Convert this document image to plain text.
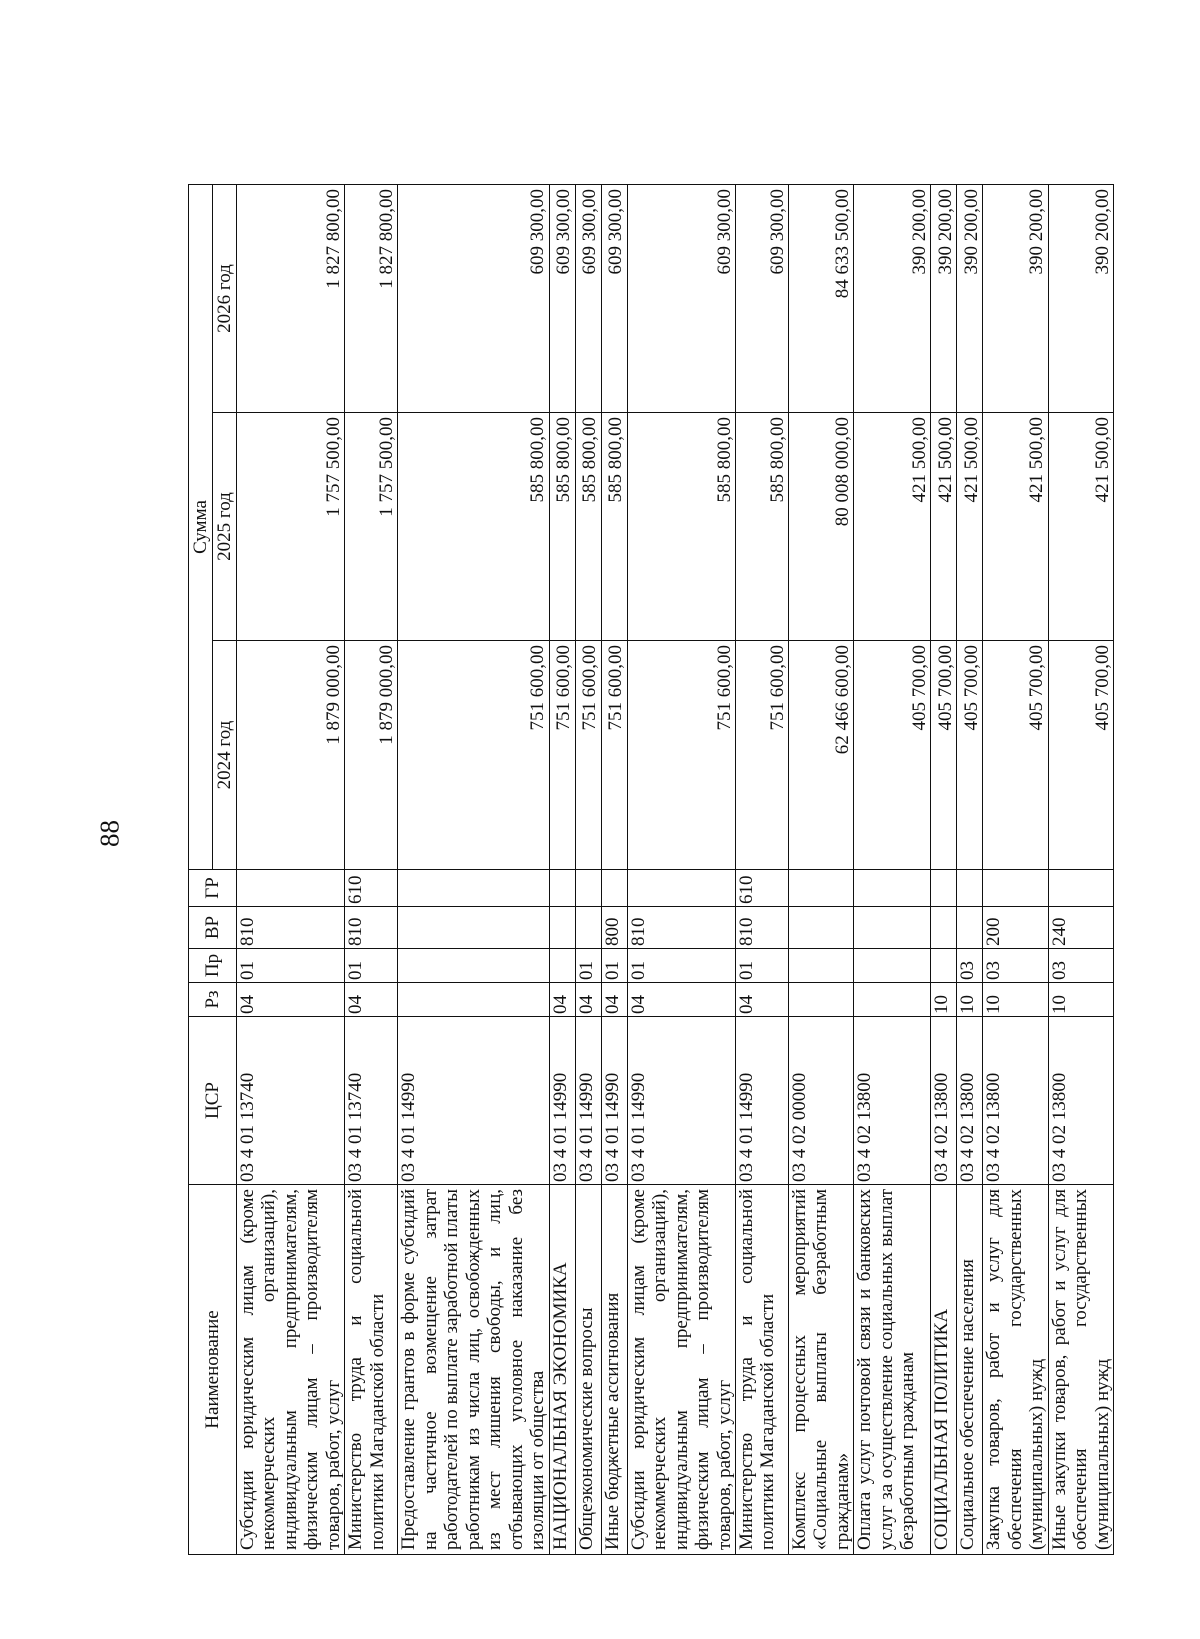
88
Наименование	ЦСР	Рз	Пр	ВР	ГР	Сумма		
						2024 год	2025 год	2026 год
Субсидии юридическим лицам (кроме некоммерческих организаций), индивидуальным предпринимателям, физическим лицам – производителям товаров, работ, услуг	03 4 01 13740	04	01	810		1 879 000,00	1 757 500,00	1 827 800,00
Министерство труда и социальной политики Магаданской области	03 4 01 13740	04	01	810	610	1 879 000,00	1 757 500,00	1 827 800,00
Предоставление грантов в форме субсидий на частичное возмещение затрат работодателей по выплате заработной платы работникам из числа лиц, освобожденных из мест лишения свободы, и лиц, отбывающих уголовное наказание без изоляции от общества	03 4 01 14990					751 600,00	585 800,00	609 300,00
НАЦИОНАЛЬНАЯ ЭКОНОМИКА	03 4 01 14990	04				751 600,00	585 800,00	609 300,00
Общеэкономические вопросы	03 4 01 14990	04	01			751 600,00	585 800,00	609 300,00
Иные бюджетные ассигнования	03 4 01 14990	04	01	800		751 600,00	585 800,00	609 300,00
Субсидии юридическим лицам (кроме некоммерческих организаций), индивидуальным предпринимателям, физическим лицам – производителям товаров, работ, услуг	03 4 01 14990	04	01	810		751 600,00	585 800,00	609 300,00
Министерство труда и социальной политики Магаданской области	03 4 01 14990	04	01	810	610	751 600,00	585 800,00	609 300,00
Комплекс процессных мероприятий «Социальные выплаты безработным гражданам»	03 4 02 00000					62 466 600,00	80 008 000,00	84 633 500,00
Оплата услуг почтовой связи и банковских услуг за осуществление социальных выплат безработным гражданам	03 4 02 13800					405 700,00	421 500,00	390 200,00
СОЦИАЛЬНАЯ ПОЛИТИКА	03 4 02 13800	10				405 700,00	421 500,00	390 200,00
Социальное обеспечение населения	03 4 02 13800	10	03			405 700,00	421 500,00	390 200,00
Закупка товаров, работ и услуг для обеспечения государственных (муниципальных) нужд	03 4 02 13800	10	03	200		405 700,00	421 500,00	390 200,00
Иные закупки товаров, работ и услуг для обеспечения государственных (муниципальных) нужд	03 4 02 13800	10	03	240		405 700,00	421 500,00	390 200,00
